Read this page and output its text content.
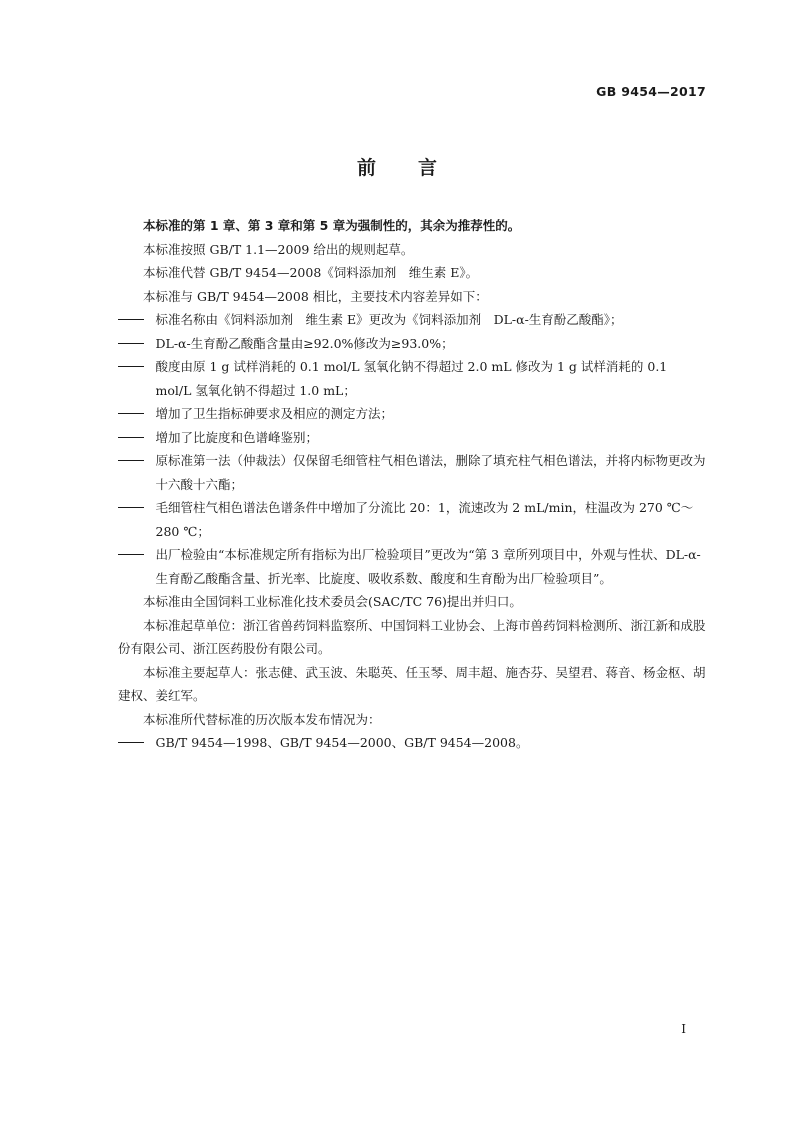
GB 9454—2017
前言

本标准的第 1 章、第 3 章和第 5 章为强制性的，其余为推荐性的。

本标准按照 GB/T 1.1—2009 给出的规则起草。

本标准代替 GB/T 9454—2008《饲料添加剂　维生素 E》。

本标准与 GB/T 9454—2008 相比，主要技术内容差异如下：

标准名称由《饲料添加剂　维生素 E》更改为《饲料添加剂　DL-α-生育酚乙酸酯》；
DL-α-生育酚乙酸酯含量由≥92.0%修改为≥93.0%；
酸度由原 1 g 试样消耗的 0.1 mol/L 氢氧化钠不得超过 2.0 mL 修改为 1 g 试样消耗的 0.1 mol/L 氢氧化钠不得超过 1.0 mL；
增加了卫生指标砷要求及相应的测定方法；
增加了比旋度和色谱峰鉴别；
原标准第一法（仲裁法）仅保留毛细管柱气相色谱法，删除了填充柱气相色谱法，并将内标物更改为十六酸十六酯；
毛细管柱气相色谱法色谱条件中增加了分流比 20：1，流速改为 2 mL/min，柱温改为 270 ℃～280 ℃；
出厂检验由“本标准规定所有指标为出厂检验项目”更改为“第 3 章所列项目中，外观与性状、DL-α-生育酚乙酸酯含量、折光率、比旋度、吸收系数、酸度和生育酚为出厂检验项目”。

本标准由全国饲料工业标准化技术委员会(SAC/TC 76)提出并归口。

本标准起草单位：浙江省兽药饲料监察所、中国饲料工业协会、上海市兽药饲料检测所、浙江新和成股份有限公司、浙江医药股份有限公司。

本标准主要起草人：张志健、武玉波、朱聪英、任玉琴、周丰超、施杏芬、吴望君、蒋音、杨金枢、胡建权、姜红军。

本标准所代替标准的历次版本发布情况为：

GB/T 9454—1998、GB/T 9454—2000、GB/T 9454—2008。
I
